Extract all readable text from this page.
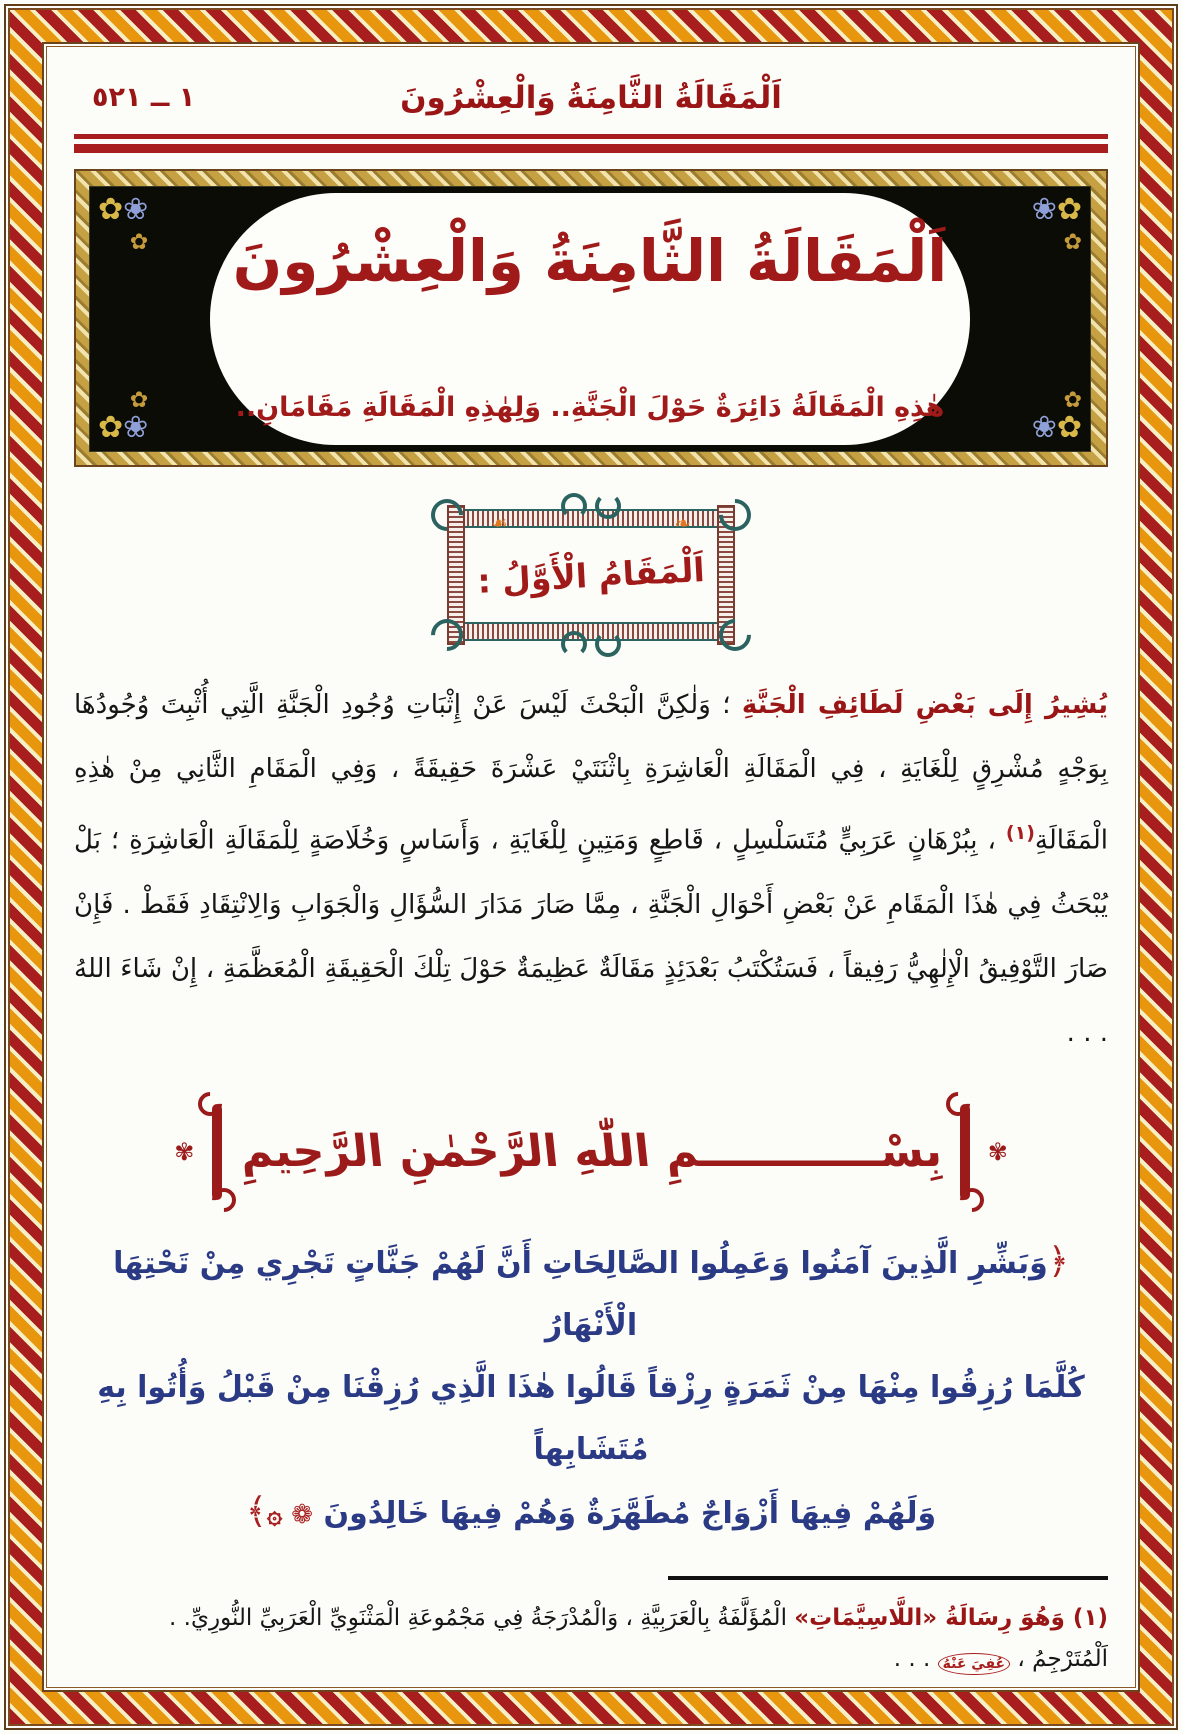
١ ــ ٥٢١	اَلْمَقَالَةُ الثَّامِنَةُ وَالْعِشْرُونَ
✿❀
✿
❀✿
✿
✿
✿❀
✿
❀✿
اَلْمَقَالَةُ الثَّامِنَةُ وَالْعِشْرُونَ
هٰذِهِ الْمَقَالَةُ دَائِرَةٌ حَوْلَ الْجَنَّةِ.. وَلِهٰذِهِ الْمَقَالَةِ مَقَامَانِ..
❧
❧
اَلْمَقَامُ الْأَوَّلُ :

يُشِيرُ إِلَى بَعْضِ لَطَائِفِ الْجَنَّةِ ؛ وَلٰكِنَّ الْبَحْثَ لَيْسَ عَنْ إِثْبَاتِ وُجُودِ الْجَنَّةِ الَّتِي أُثْبِتَ وُجُودُهَا بِوَجْهٍ مُشْرِقٍ لِلْغَايَةِ ، فِي الْمَقَالَةِ الْعَاشِرَةِ بِاثْنَتَيْ عَشْرَةَ حَقِيقَةً ، وَفِي الْمَقَامِ الثَّانِي مِنْ هٰذِهِ الْمَقَالَةِ$^{(١)}$ ، بِبُرْهَانٍ عَرَبِيٍّ مُتَسَلْسِلٍ ، قَاطِعٍ وَمَتِينٍ لِلْغَايَةِ ، وَأَسَاسٍ وَخُلَاصَةٍ لِلْمَقَالَةِ الْعَاشِرَةِ ؛ بَلْ يُبْحَثُ فِي هٰذَا الْمَقَامِ عَنْ بَعْضِ أَحْوَالِ الْجَنَّةِ ، مِمَّا صَارَ مَدَارَ السُّؤَالِ وَالْجَوَابِ وَالِانْتِقَادِ فَقَطْ . فَإِنْ صَارَ التَّوْفِيقُ الْإِلٰهِيُّ رَفِيقاً ، فَسَتُكْتَبُ بَعْدَئِذٍ مَقَالَةٌ عَظِيمَةٌ حَوْلَ تِلْكَ الْحَقِيقَةِ الْمُعَظَّمَةِ ، إِنْ شَاءَ اللهُ . . .

✾
بِسْــــــــــــمِ اللّٰهِ الرَّحْمٰنِ الرَّحِيمِ
✾
﴿وَبَشِّرِ الَّذِينَ آمَنُوا وَعَمِلُوا الصَّالِحَاتِ أَنَّ لَهُمْ جَنَّاتٍ تَجْرِي مِنْ تَحْتِهَا الْأَنْهَارُ
كُلَّمَا رُزِقُوا مِنْهَا مِنْ ثَمَرَةٍ رِزْقاً قَالُوا هٰذَا الَّذِي رُزِقْنَا مِنْ قَبْلُ وَأُتُوا بِهِ مُتَشَابِهاً
وَلَهُمْ فِيهَا أَزْوَاجٌ مُطَهَّرَةٌ وَهُمْ فِيهَا خَالِدُونَ ❁ ۞﴾
(١) وَهُوَ رِسَالَةُ «اللَّاسِيَّمَاتِ» الْمُؤَلَّفَةُ بِالْعَرَبِيَّةِ ، وَالْمُدْرَجَةُ فِي مَجْمُوعَةِ الْمَثْنَوِيِّ الْعَرَبِيِّ النُّورِيِّ. .
اَلْمُتَرْجِمُ ، عُفِيَ عَنْهُ . . .
